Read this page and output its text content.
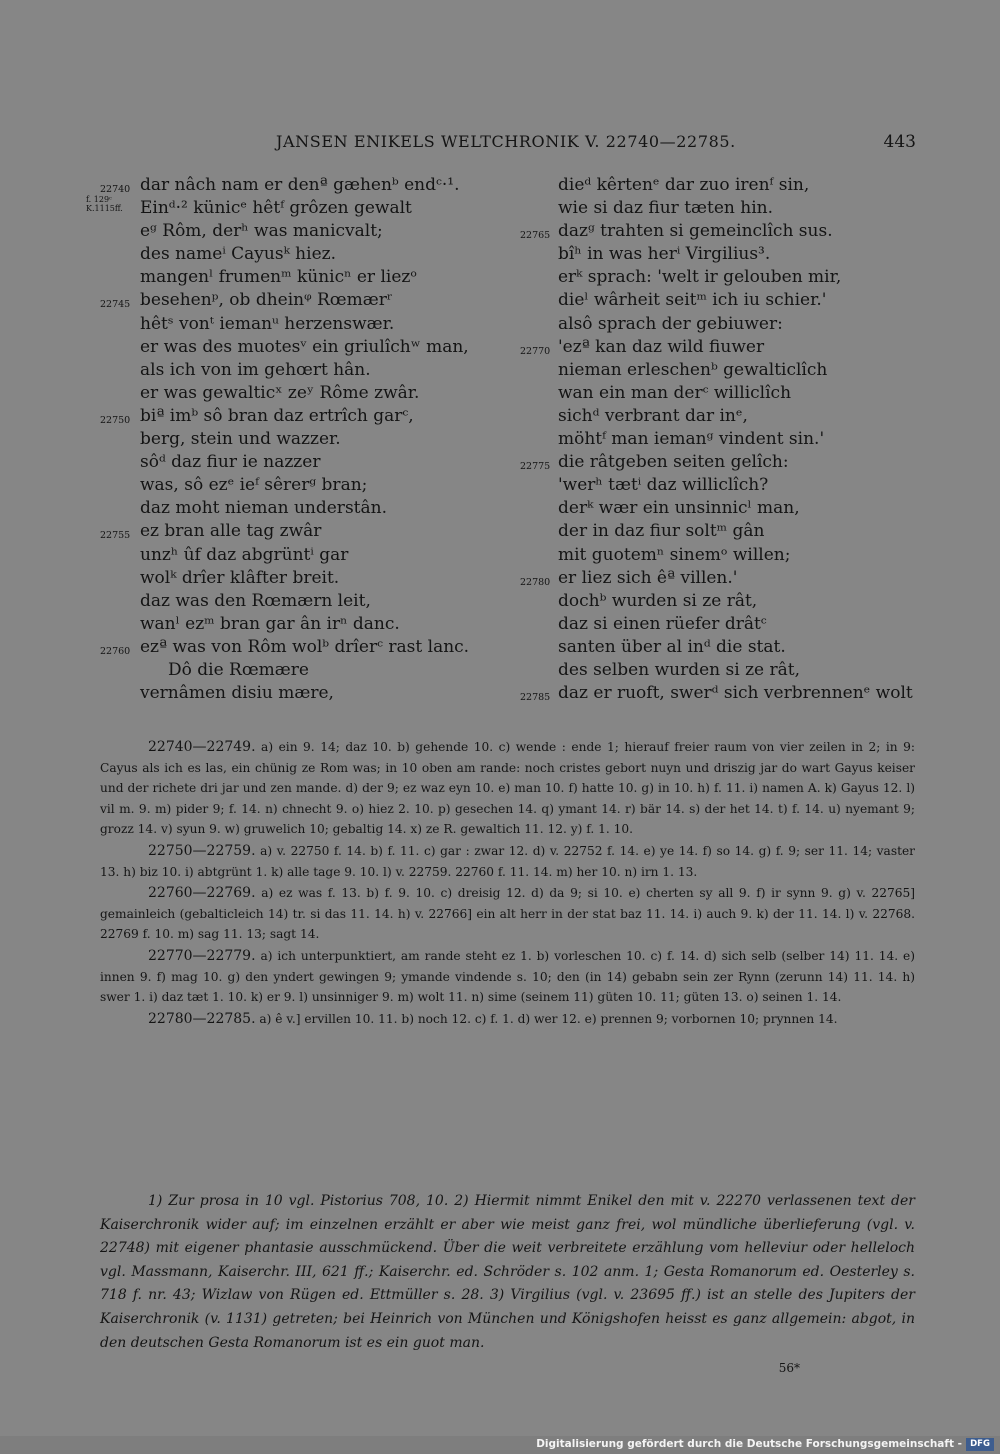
JANSEN ENIKELS WELTCHRONIK V. 22740—22785.	443
22740 dar nâch nam er denª gæhenᵇ endᶜ·¹.
f. 129ᶜ
K.1115ff. Einᵈ·² künicᵉ hêtᶠ grôzen gewalt
eᵍ Rôm, derʰ was manicvalt;
des nameⁱ Cayusᵏ hiez.
mangenˡ frumenᵐ künicⁿ er liezᵒ
22745 besehenᵖ, ob dheinᵠ Rœmærʳ
hêtˢ vonᵗ iemanᵘ herzenswær.
er was des muotesᵛ ein griulîchʷ man,
als ich von im gehœrt hân.
er was gewalticˣ zeʸ Rôme zwâr.
22750 biª imᵇ sô bran daz ertrîch garᶜ,
berg, stein und wazzer.
sôᵈ daz fiur ie nazzer
was, sô ezᵉ ieᶠ sêrerᵍ bran;
daz moht nieman understân.
22755 ez bran alle tag zwâr
unzʰ ûf daz abgrüntⁱ gar
wolᵏ drîer klâfter breit.
daz was den Rœmærn leit,
wanˡ ezᵐ bran gar ân irⁿ danc.
22760 ezª was von Rôm wolᵇ drîerᶜ rast lanc.
Dô die Rœmære
vernâmen disiu mære,
dieᵈ kêrtenᵉ dar zuo irenᶠ sin,
wie si daz fiur tæten hin.
22765 dazᵍ trahten si gemeinclîch sus.
bîʰ in was herⁱ Virgilius³.
erᵏ sprach: 'welt ir gelouben mir,
dieˡ wârheit seitᵐ ich iu schier.'
alsô sprach der gebiuwer:
22770 'ezª kan daz wild fiuwer
nieman erleschenᵇ gewalticlîch
wan ein man derᶜ williclîch
sichᵈ verbrant dar inᵉ,
möhtᶠ man iemanᵍ vindent sin.'
22775 die râtgeben seiten gelîch:
'werʰ tætⁱ daz williclîch?
derᵏ wær ein unsinnicˡ man,
der in daz fiur soltᵐ gân
mit guotemⁿ sinemᵒ willen;
22780 er liez sich êª villen.'
dochᵇ wurden si ze rât,
daz si einen rüefer drâtᶜ
santen über al inᵈ die stat.
des selben wurden si ze rât,
22785 daz er ruoft, swerᵈ sich verbrennenᵉ wolt

22740—22749. a) ein 9. 14; daz 10. b) gehende 10. c) wende : ende 1; hierauf freier raum von vier zeilen in 2; in 9: Cayus als ich es las, ein chünig ze Rom was; in 10 oben am rande: noch cristes gebort nuyn und driszig jar do wart Gayus keiser und der richete dri jar und zen mande. d) der 9; ez waz eyn 10. e) man 10. f) hatte 10. g) in 10. h) f. 11. i) namen A. k) Gayus 12. l) vil m. 9. m) pider 9; f. 14. n) chnecht 9. o) hiez 2. 10. p) gesechen 14. q) ymant 14. r) bär 14. s) der het 14. t) f. 14. u) nyemant 9; grozz 14. v) syun 9. w) gruwelich 10; gebaltig 14. x) ze R. gewaltich 11. 12. y) f. 1. 10.

22750—22759. a) v. 22750 f. 14. b) f. 11. c) gar : zwar 12. d) v. 22752 f. 14. e) ye 14. f) so 14. g) f. 9; ser 11. 14; vaster 13. h) biz 10. i) abtgrünt 1. k) alle tage 9. 10. l) v. 22759. 22760 f. 11. 14. m) her 10. n) irn 1. 13.

22760—22769. a) ez was f. 13. b) f. 9. 10. c) dreisig 12. d) da 9; si 10. e) cherten sy all 9. f) ir synn 9. g) v. 22765] gemainleich (gebalticleich 14) tr. si das 11. 14. h) v. 22766] ein alt herr in der stat baz 11. 14. i) auch 9. k) der 11. 14. l) v. 22768. 22769 f. 10. m) sag 11. 13; sagt 14.

22770—22779. a) ich unterpunktiert, am rande steht ez 1. b) vorleschen 10. c) f. 14. d) sich selb (selber 14) 11. 14. e) innen 9. f) mag 10. g) den yndert gewingen 9; ymande vindende s. 10; den (in 14) gebabn sein zer Rynn (zerunn 14) 11. 14. h) swer 1. i) daz tæt 1. 10. k) er 9. l) unsinniger 9. m) wolt 11. n) sime (seinem 11) güten 10. 11; güten 13. o) seinen 1. 14.

22780—22785. a) ê v.] ervillen 10. 11. b) noch 12. c) f. 1. d) wer 12. e) prennen 9; vorbornen 10; prynnen 14.

1) Zur prosa in 10 vgl. Pistorius 708, 10. 2) Hiermit nimmt Enikel den mit v. 22270 verlassenen text der Kaiserchronik wider auf; im einzelnen erzählt er aber wie meist ganz frei, wol mündliche überlieferung (vgl. v. 22748) mit eigener phantasie ausschmückend. Über die weit verbreitete erzählung vom helleviur oder helleloch vgl. Massmann, Kaiserchr. III, 621 ff.; Kaiserchr. ed. Schröder s. 102 anm. 1; Gesta Romanorum ed. Oesterley s. 718 f. nr. 43; Wizlaw von Rügen ed. Ettmüller s. 28. 3) Virgilius (vgl. v. 23695 ff.) ist an stelle des Jupiters der Kaiserchronik (v. 1131) getreten; bei Heinrich von München und Königshofen heisst es ganz allgemein: abgot, in den deutschen Gesta Romanorum ist es ein guot man.

56*
Digitalisierung gefördert durch die Deutsche Forschungsgemeinschaft - DFG
